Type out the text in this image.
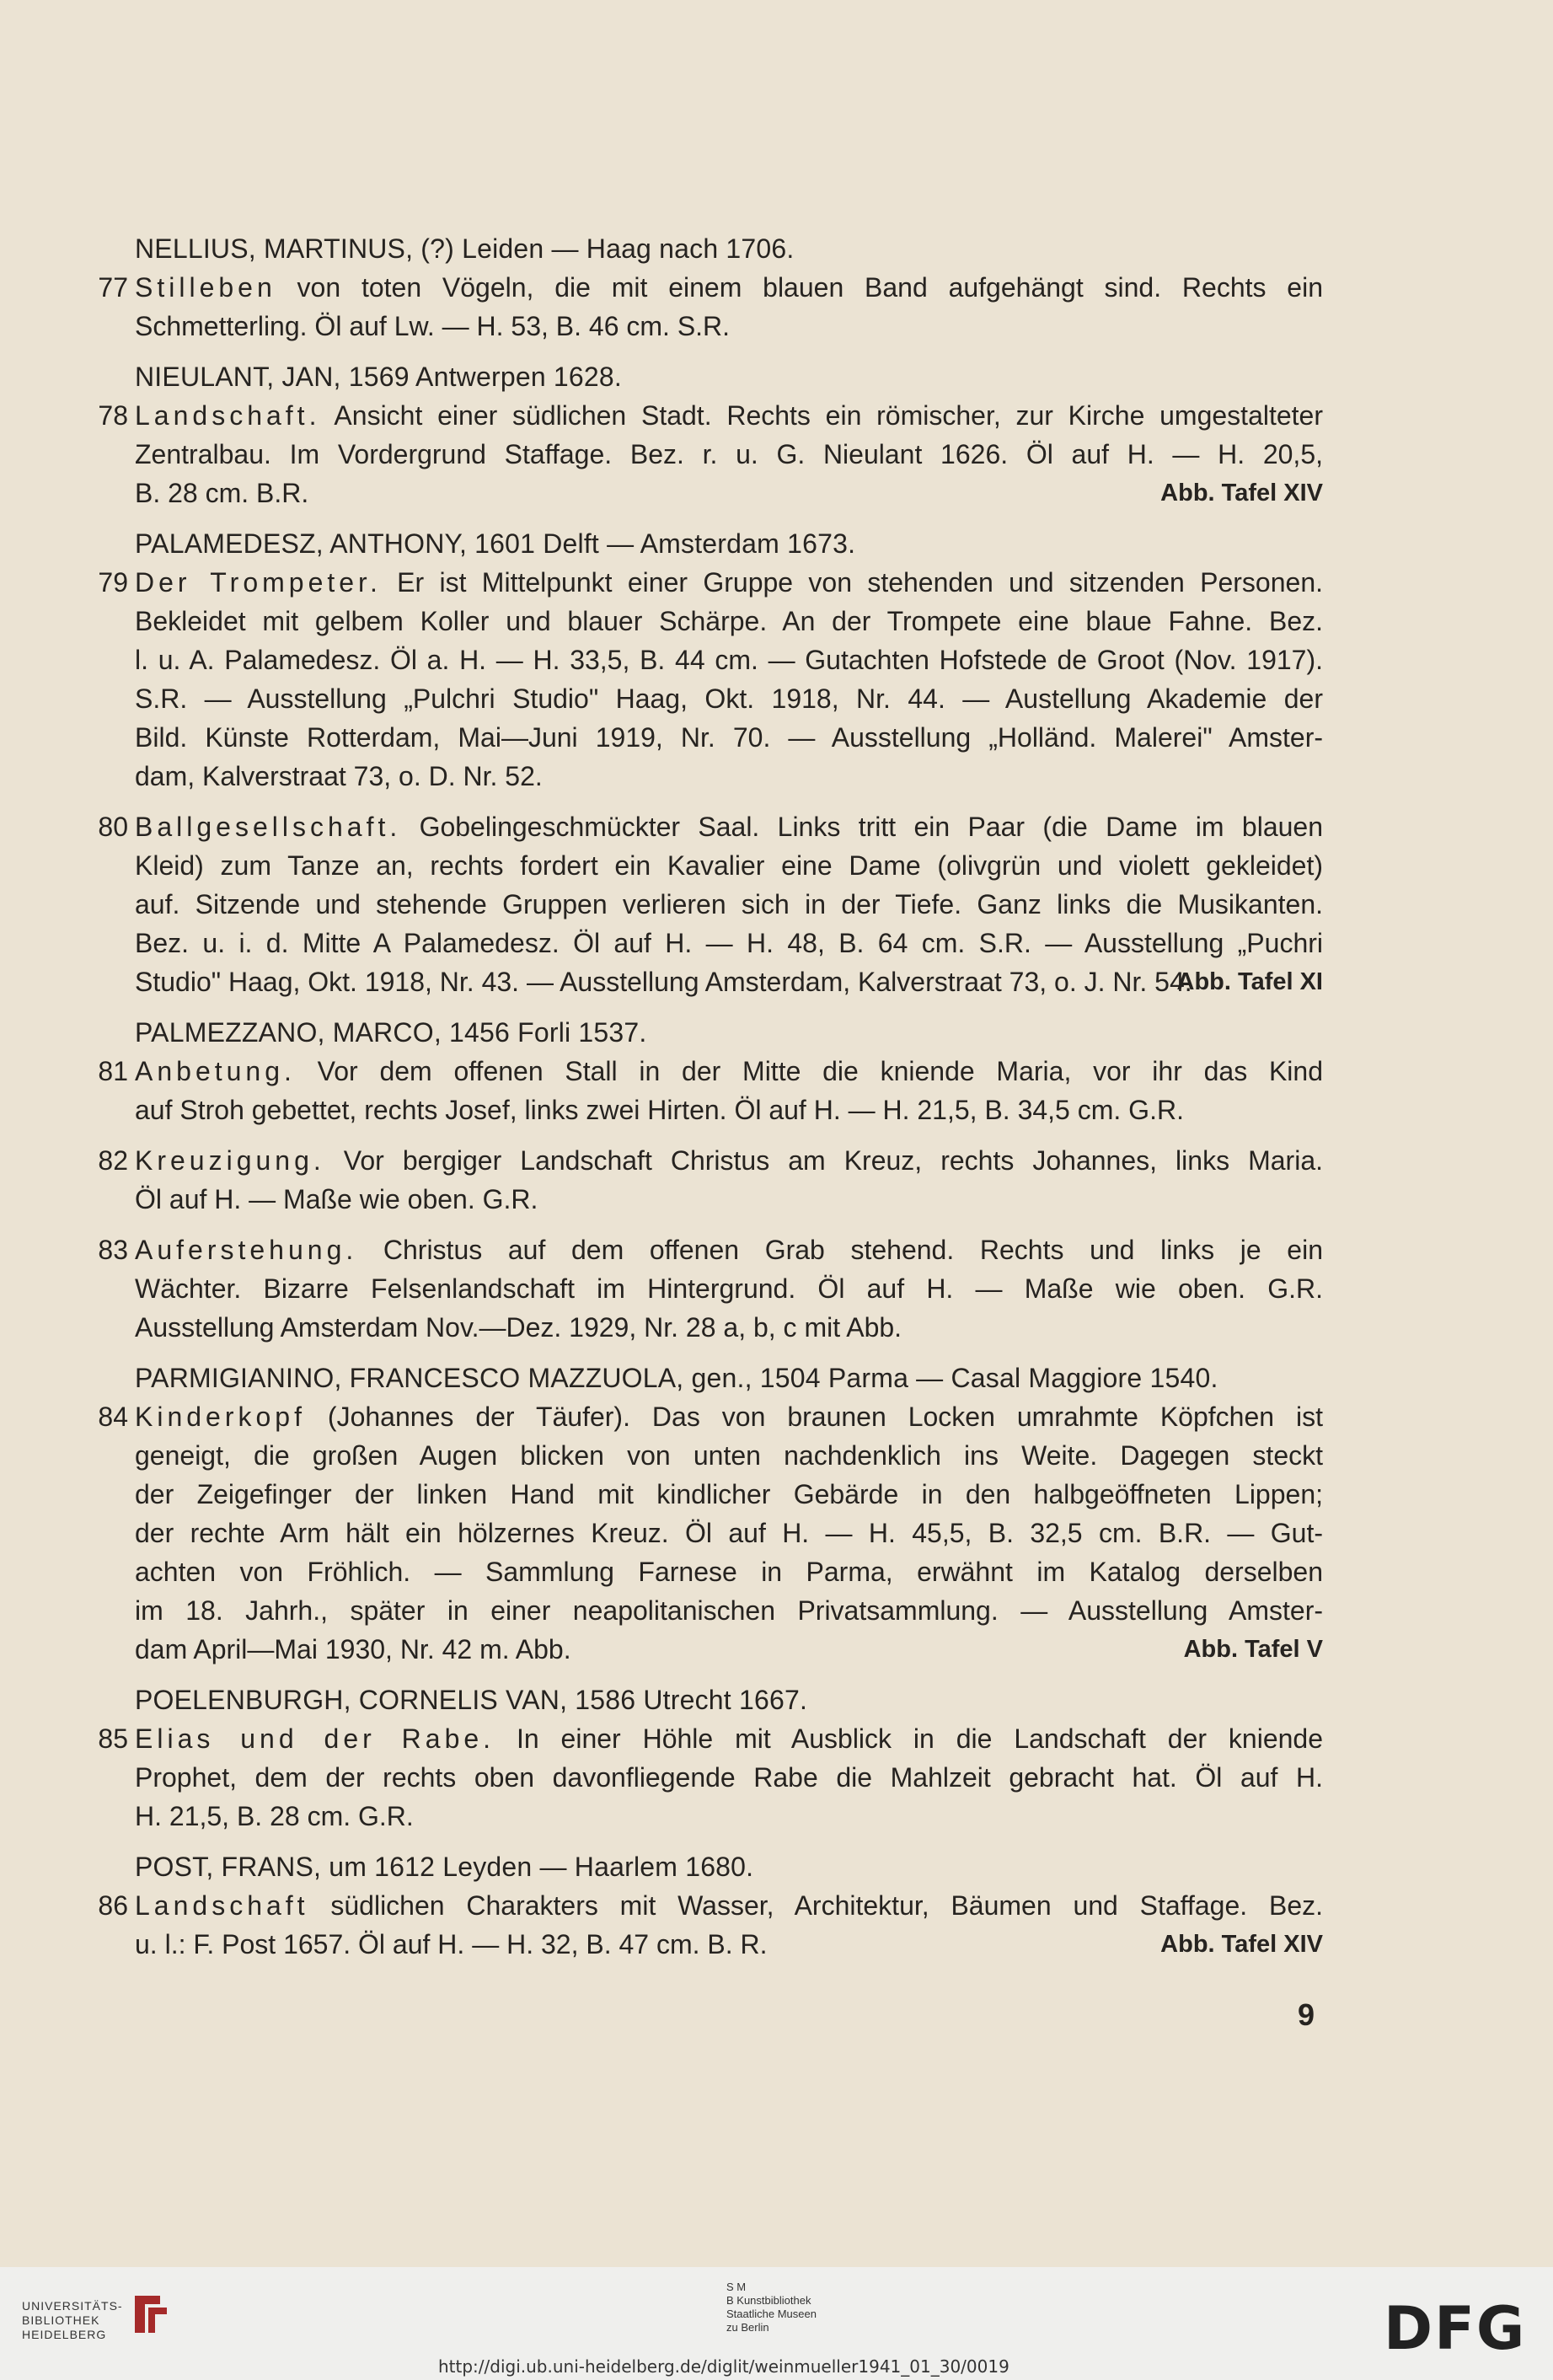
NELLIUS, MARTINUS, (?) Leiden — Haag nach 1706.
77 Stilleben von toten Vögeln, die mit einem blauen Band aufgehängt sind. Rechts ein
Schmetterling. Öl auf Lw. — H. 53, B. 46 cm. S.R.
NIEULANT, JAN, 1569 Antwerpen 1628.
78 Landschaft. Ansicht einer südlichen Stadt. Rechts ein römischer, zur Kirche umgestalteter
Zentralbau. Im Vordergrund Staffage. Bez. r. u. G. Nieulant 1626. Öl auf H. — H. 20,5,
B. 28 cm. B.R.	Abb. Tafel XIV
PALAMEDESZ, ANTHONY, 1601 Delft — Amsterdam 1673.
79 Der Trompeter. Er ist Mittelpunkt einer Gruppe von stehenden und sitzenden Personen.
Bekleidet mit gelbem Koller und blauer Schärpe. An der Trompete eine blaue Fahne. Bez.
l. u. A. Palamedesz. Öl a. H. — H. 33,5, B. 44 cm. — Gutachten Hofstede de Groot (Nov. 1917).
S.R. — Ausstellung „Pulchri Studio" Haag, Okt. 1918, Nr. 44. — Austellung Akademie der
Bild. Künste Rotterdam, Mai—Juni 1919, Nr. 70. — Ausstellung „Holländ. Malerei" Amster-
dam, Kalverstraat 73, o. D. Nr. 52.
80 Ballgesellschaft. Gobelingeschmückter Saal. Links tritt ein Paar (die Dame im blauen
Kleid) zum Tanze an, rechts fordert ein Kavalier eine Dame (olivgrün und violett gekleidet)
auf. Sitzende und stehende Gruppen verlieren sich in der Tiefe. Ganz links die Musikanten.
Bez. u. i. d. Mitte A Palamedesz. Öl auf H. — H. 48, B. 64 cm. S.R. — Ausstellung „Puchri
Studio" Haag, Okt. 1918, Nr. 43. — Ausstellung Amsterdam, Kalverstraat 73, o. J. Nr. 54.
Abb. Tafel XI
PALMEZZANO, MARCO, 1456 Forli 1537.
81 Anbetung. Vor dem offenen Stall in der Mitte die kniende Maria, vor ihr das Kind
auf Stroh gebettet, rechts Josef, links zwei Hirten. Öl auf H. — H. 21,5, B. 34,5 cm. G.R.
82 Kreuzigung. Vor bergiger Landschaft Christus am Kreuz, rechts Johannes, links Maria.
Öl auf H. — Maße wie oben. G.R.
83 Auferstehung. Christus auf dem offenen Grab stehend. Rechts und links je ein
Wächter. Bizarre Felsenlandschaft im Hintergrund. Öl auf H. — Maße wie oben. G.R.
Ausstellung Amsterdam Nov.—Dez. 1929, Nr. 28 a, b, c mit Abb.
PARMIGIANINO, FRANCESCO MAZZUOLA, gen., 1504 Parma — Casal Maggiore 1540.
84 Kinderkopf (Johannes der Täufer). Das von braunen Locken umrahmte Köpfchen ist
geneigt, die großen Augen blicken von unten nachdenklich ins Weite. Dagegen steckt
der Zeigefinger der linken Hand mit kindlicher Gebärde in den halbgeöffneten Lippen;
der rechte Arm hält ein hölzernes Kreuz. Öl auf H. — H. 45,5, B. 32,5 cm. B.R. — Gut-
achten von Fröhlich. — Sammlung Farnese in Parma, erwähnt im Katalog derselben
im 18. Jahrh., später in einer neapolitanischen Privatsammlung. — Ausstellung Amster-
dam April—Mai 1930, Nr. 42 m. Abb.	Abb. Tafel V
POELENBURGH, CORNELIS VAN, 1586 Utrecht 1667.
85 Elias und der Rabe. In einer Höhle mit Ausblick in die Landschaft der kniende
Prophet, dem der rechts oben davonfliegende Rabe die Mahlzeit gebracht hat. Öl auf H.
H. 21,5, B. 28 cm. G.R.
POST, FRANS, um 1612 Leyden — Haarlem 1680.
86 Landschaft südlichen Charakters mit Wasser, Architektur, Bäumen und Staffage. Bez.
u. l.: F. Post 1657. Öl auf H. — H. 32, B. 47 cm. B. R.	Abb. Tafel XIV
9
UNIVERSITÄTS-
BIBLIOTHEK
HEIDELBERG
S M
B Kunstbibliothek
Staatliche Museen
zu Berlin	DFG
http://digi.ub.uni-heidelberg.de/diglit/weinmueller1941_01_30/0019
